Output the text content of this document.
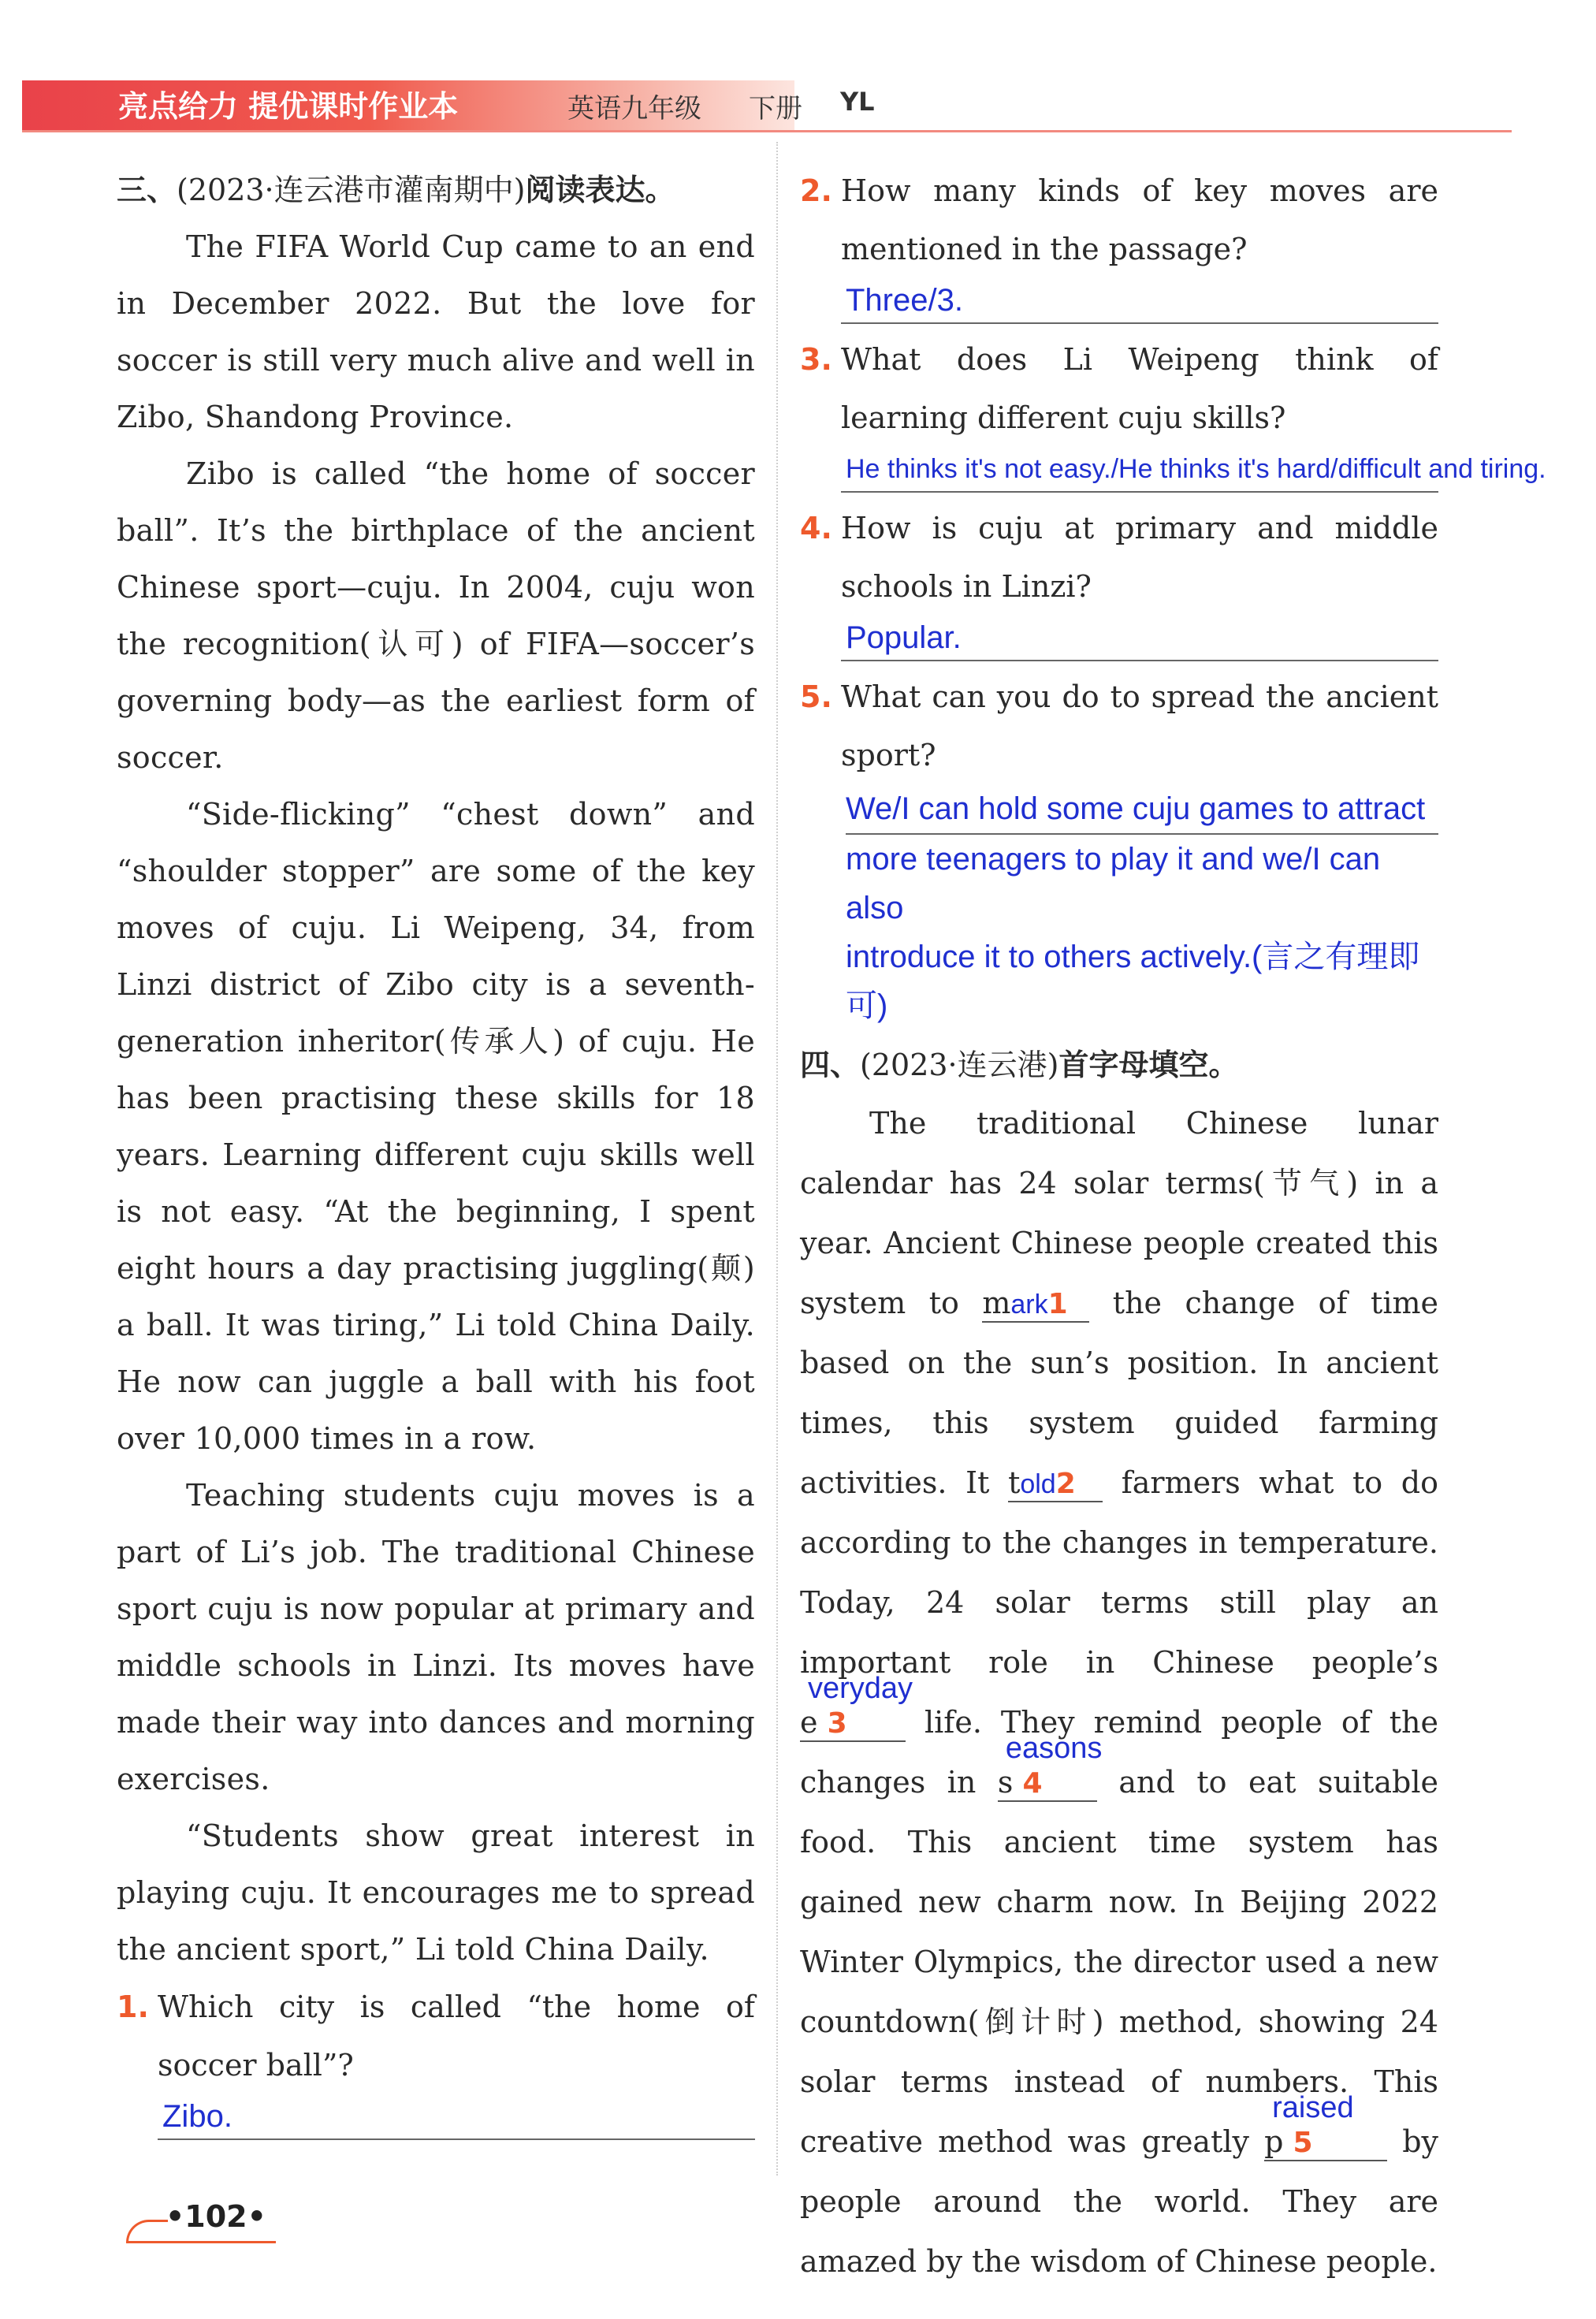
亮点给力 提优课时作业本	英语九年级 下册 YL
三、(2023·连云港市灌南期中)阅读表达。

The FIFA World Cup came to an end in December 2022. But the love for soccer is still very much alive and well in Zibo, Shandong Province.

Zibo is called “the home of soccer ball”. It’s the birthplace of the ancient Chinese sport—cuju. In 2004, cuju won the recognition(认可) of FIFA—soccer’s governing body—as the earliest form of soccer.

“Side-flicking” “chest down” and “shoulder stopper” are some of the key moves of cuju. Li Weipeng, 34, from Linzi district of Zibo city is a seventh-generation inheritor(传承人) of cuju. He has been practising these skills for 18 years. Learning different cuju skills well is not easy. “At the beginning, I spent eight hours a day practising juggling(颠) a ball. It was tiring,” Li told China Daily. He now can juggle a ball with his foot over 10,000 times in a row.

Teaching students cuju moves is a part of Li’s job. The traditional Chinese sport cuju is now popular at primary and middle schools in Linzi. Its moves have made their way into dances and morning exercises.

“Students show great interest in playing cuju. It encourages me to spread the ancient sport,” Li told China Daily.

1. Which city is called “the home of soccer ball”?
Zibo.
2. How many kinds of key moves are mentioned in the passage?
Three/3.
3. What does Li Weipeng think of learning different cuju skills?
He thinks it's not easy./He thinks it's hard/difficult and tiring.
4. How is cuju at primary and middle schools in Linzi?
Popular.
5. What can you do to spread the ancient sport?
We/I can hold some cuju games to attract
more teenagers to play it and we/I can also
introduce it to others actively.(言之有理即可)
四、(2023·连云港)首字母填空。

The traditional Chinese lunar calendar has 24 solar terms(节气) in a year. Ancient Chinese people created this system to mark1 the change of time based on the sun’s position. In ancient times, this system guided farming activities. It told2 farmers what to do according to the changes in temperature. Today, 24 solar terms still play an important role in Chinese people’s e
veryday
3 life. They remind people of the changes in s
easons
4 and to eat suitable food. This ancient time system has gained new charm now. In Beijing 2022 Winter Olympics, the director used a new countdown(倒计时) method, showing 24 solar terms instead of numbers. This creative method was greatly p
raised
5 by people around the world. They are amazed by the wisdom of Chinese people.

•102•
